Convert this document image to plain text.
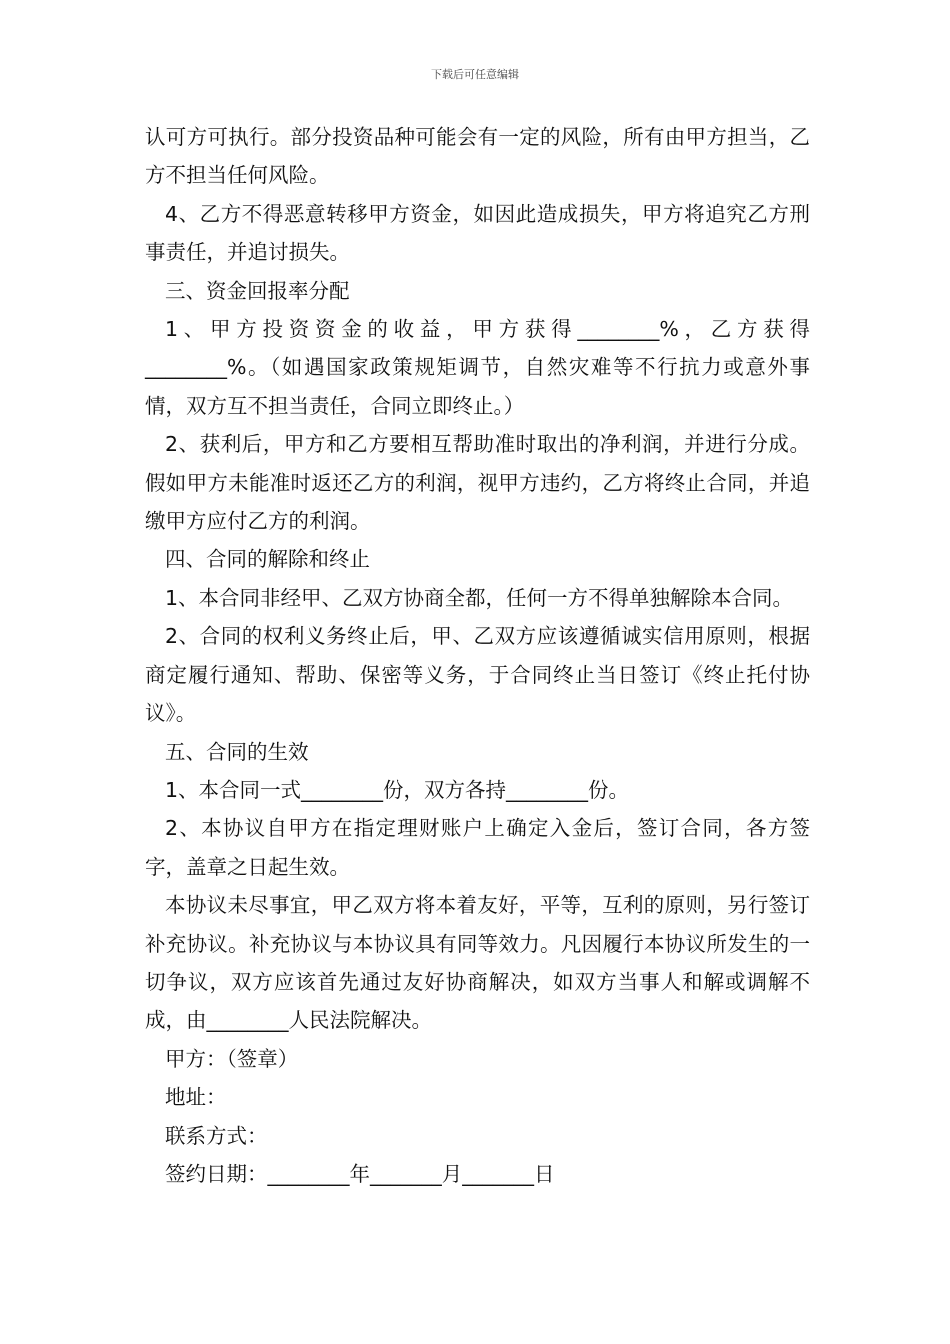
下载后可任意编辑

认可方可执行。部分投资品种可能会有一定的风险，所有由甲方担当，乙方不担当任何风险。

4、乙方不得恶意转移甲方资金，如因此造成损失，甲方将追究乙方刑事责任，并追讨损失。

三、资金回报率分配

1、甲方投资资金的收益，甲方获得________%，乙方获得________%。（如遇国家政策规矩调节，自然灾难等不行抗力或意外事情，双方互不担当责任，合同立即终止。）

2、获利后，甲方和乙方要相互帮助准时取出的净利润，并进行分成。假如甲方未能准时返还乙方的利润，视甲方违约，乙方将终止合同，并追缴甲方应付乙方的利润。

四、合同的解除和终止

1、本合同非经甲、乙双方协商全都，任何一方不得单独解除本合同。

2、合同的权利义务终止后，甲、乙双方应该遵循诚实信用原则，根据商定履行通知、帮助、保密等义务，于合同终止当日签订《终止托付协议》。

五、合同的生效

1、本合同一式________份，双方各持________份。

2、本协议自甲方在指定理财账户上确定入金后，签订合同，各方签字，盖章之日起生效。

本协议未尽事宜，甲乙双方将本着友好，平等，互利的原则，另行签订补充协议。补充协议与本协议具有同等效力。凡因履行本协议所发生的一切争议，双方应该首先通过友好协商解决，如双方当事人和解或调解不成，由________人民法院解决。

甲方：（签章）

地址：

联系方式：

签约日期：________年_______月_______日
